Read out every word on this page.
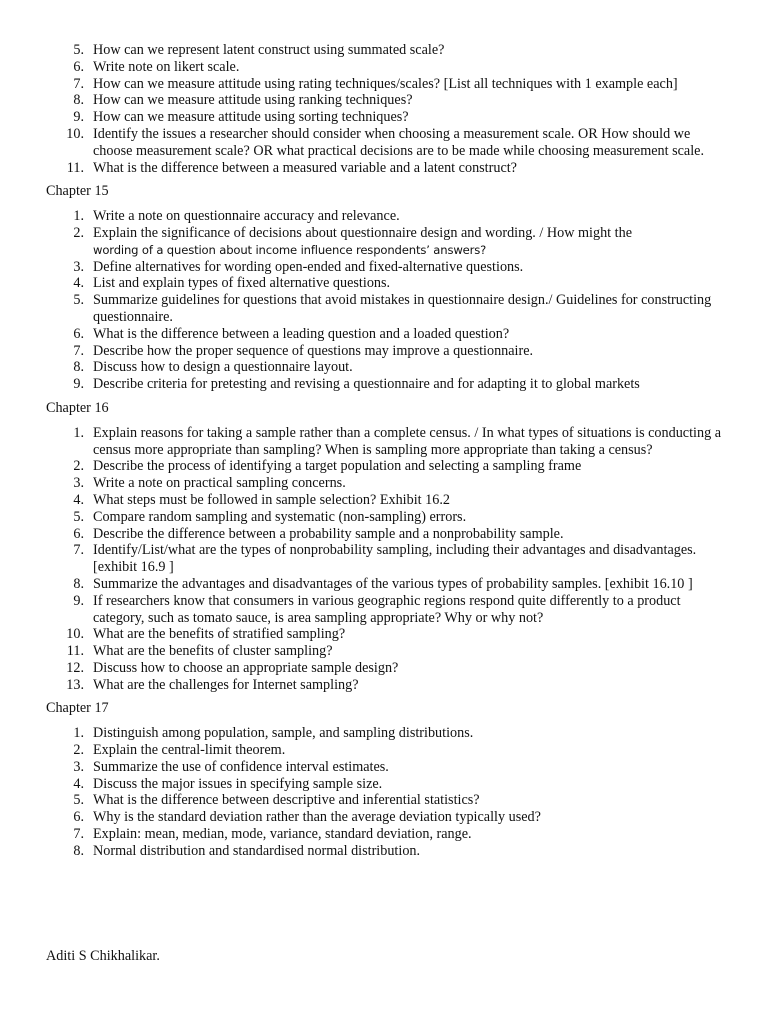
5. How can we represent latent construct using summated scale?
6. Write note on likert scale.
7. How can we measure attitude using rating techniques/scales? [List all techniques with 1 example each]
8. How can we measure attitude using ranking techniques?
9. How can we measure attitude using sorting techniques?
10. Identify the issues a researcher should consider when choosing a measurement scale. OR How should we choose measurement scale? OR what practical decisions are to be made while choosing measurement scale.
11. What is the difference between a measured variable and a latent construct?
Chapter 15
1. Write a note on questionnaire accuracy and relevance.
2. Explain the significance of decisions about questionnaire design and wording. / How might the
wording of a question about income influence respondents’ answers?
3. Define alternatives for wording open-ended and fixed-alternative questions.
4. List and explain types of fixed alternative questions.
5. Summarize guidelines for questions that avoid mistakes in questionnaire design./ Guidelines for constructing questionnaire.
6. What is the difference between a leading question and a loaded question?
7. Describe how the proper sequence of questions may improve a questionnaire.
8. Discuss how to design a questionnaire layout.
9. Describe criteria for pretesting and revising a questionnaire and for adapting it to global markets
Chapter 16
1. Explain reasons for taking a sample rather than a complete census. / In what types of situations is conducting a census more appropriate than sampling? When is sampling more appropriate than taking a census?
2. Describe the process of identifying a target population and selecting a sampling frame
3. Write a note on practical sampling concerns.
4. What steps must be followed in sample selection? Exhibit 16.2
5. Compare random sampling and systematic (non-sampling) errors.
6. Describe the difference between a probability sample and a nonprobability sample.
7. Identify/List/what are the types of nonprobability sampling, including their advantages and disadvantages. [exhibit 16.9 ]
8. Summarize the advantages and disadvantages of the various types of probability samples. [exhibit 16.10 ]
9. If researchers know that consumers in various geographic regions respond quite differently to a product category, such as tomato sauce, is area sampling appropriate? Why or why not?
10. What are the benefits of stratified sampling?
11. What are the benefits of cluster sampling?
12. Discuss how to choose an appropriate sample design?
13. What are the challenges for Internet sampling?
Chapter 17
1. Distinguish among population, sample, and sampling distributions.
2. Explain the central-limit theorem.
3. Summarize the use of confidence interval estimates.
4. Discuss the major issues in specifying sample size.
5. What is the difference between descriptive and inferential statistics?
6. Why is the standard deviation rather than the average deviation typically used?
7. Explain: mean, median, mode, variance, standard deviation, range.
8. Normal distribution and standardised normal distribution.

Aditi S Chikhalikar.
